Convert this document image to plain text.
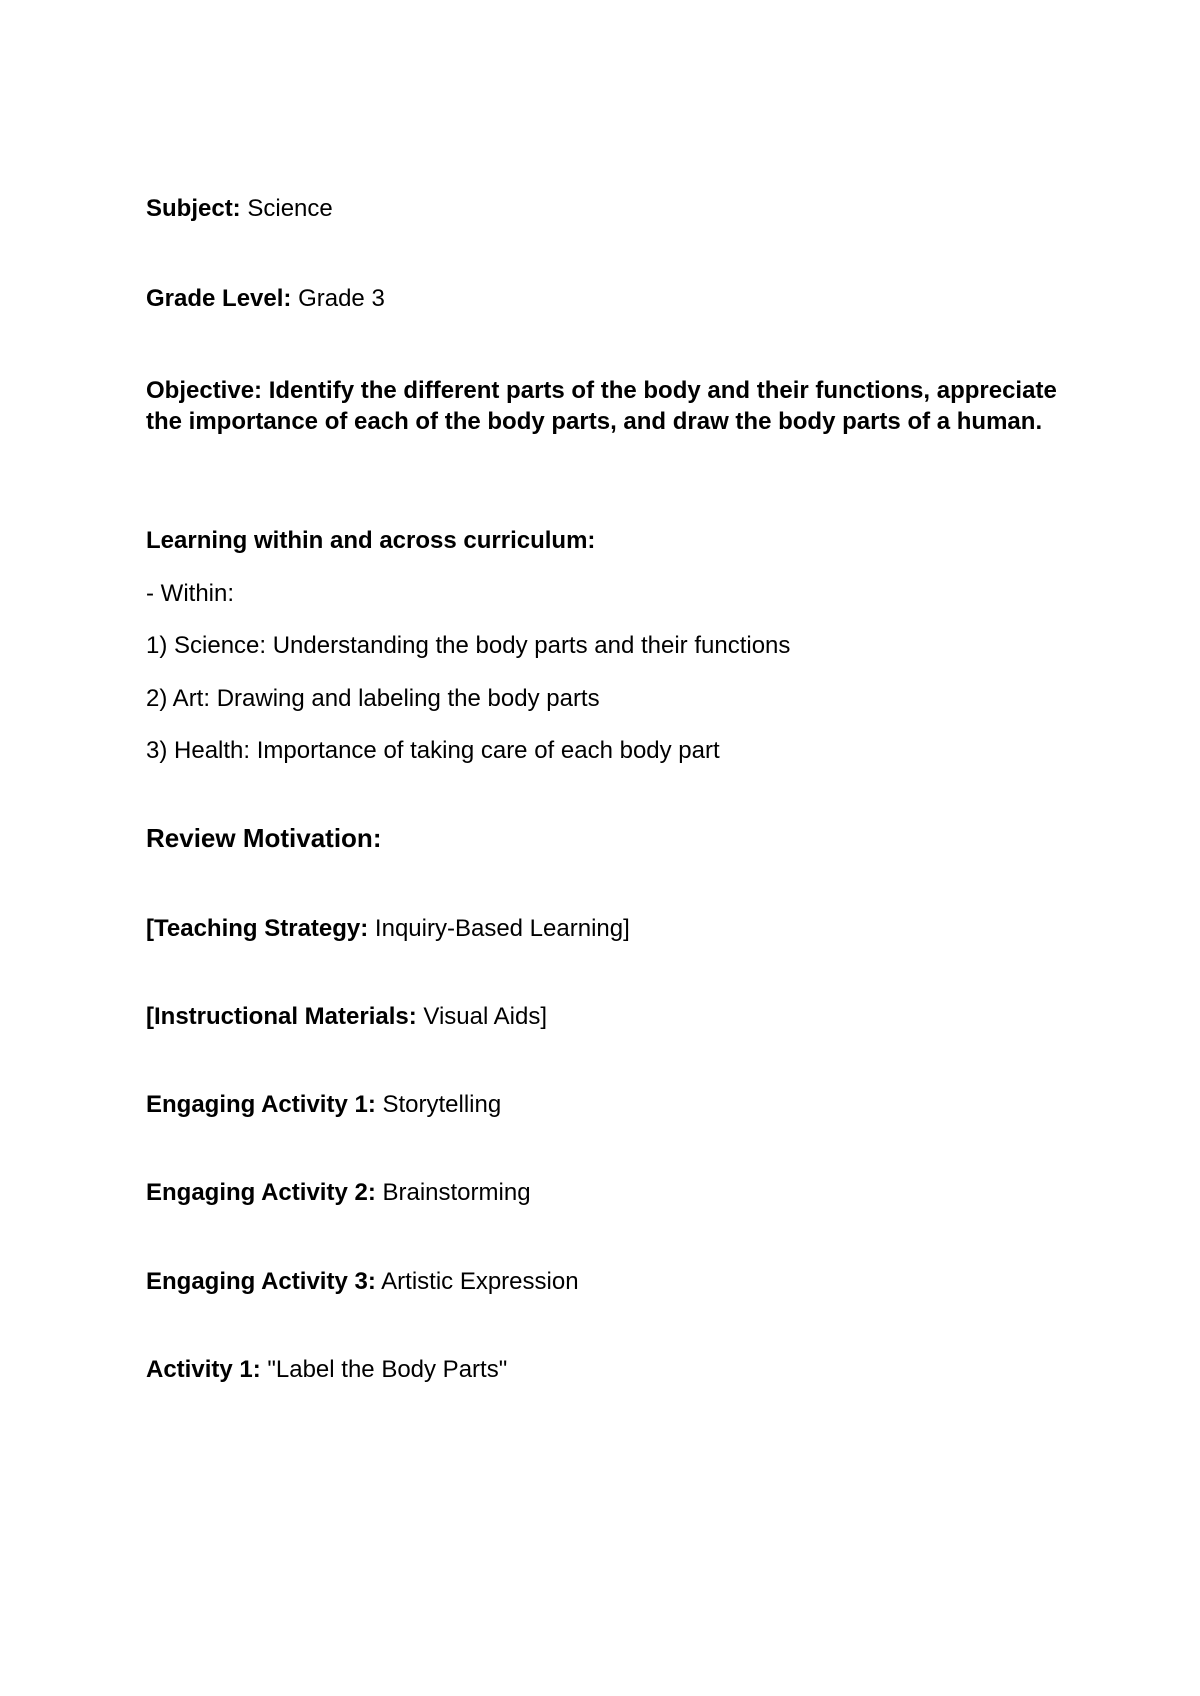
Subject: Science
Grade Level: Grade 3
Objective: Identify the different parts of the body and their functions, appreciate the importance of each of the body parts, and draw the body parts of a human.
Learning within and across curriculum:
- Within:
1) Science: Understanding the body parts and their functions
2) Art: Drawing and labeling the body parts
3) Health: Importance of taking care of each body part
Review Motivation:
[Teaching Strategy: Inquiry-Based Learning]
[Instructional Materials: Visual Aids]
Engaging Activity 1: Storytelling
Engaging Activity 2: Brainstorming
Engaging Activity 3: Artistic Expression
Activity 1: "Label the Body Parts"
